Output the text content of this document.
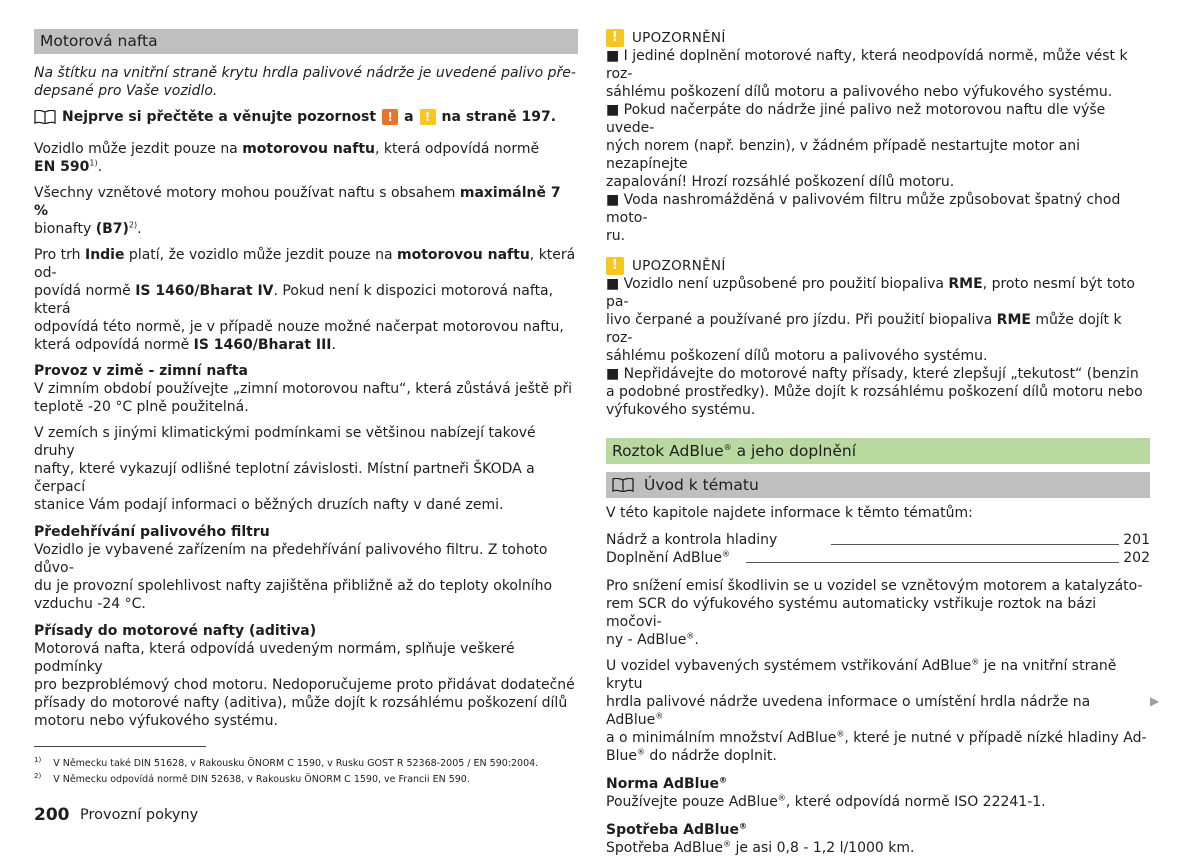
Motorová nafta

Na štítku na vnitřní straně krytu hrdla palivové nádrže je uvedené palivo pře-
depsané pro Vaše vozidlo.

Nejprve si přečtěte a věnujte pozornost ! a ! na straně 197.

Vozidlo může jezdit pouze na motorovou naftu, která odpovídá normě
EN 590$^{1)}$.

Všechny vznětové motory mohou používat naftu s obsahem maximálně 7 %
bionafty $(B7)^{2)}$.

Pro trh Indie platí, že vozidlo může jezdit pouze na motorovou naftu, která od-
povídá normě IS 1460/Bharat IV. Pokud není k dispozici motorová nafta, která
odpovídá této normě, je v případě nouze možné načerpat motorovou naftu,
která odpovídá normě IS 1460/Bharat III.

Provoz v zimě - zimní nafta

V zimním období používejte „zimní motorovou naftu“, která zůstává ještě při
teplotě -20 °C plně použitelná.

V zemích s jinými klimatickými podmínkami se většinou nabízejí takové druhy
nafty, které vykazují odlišné teplotní závislosti. Místní partneři ŠKODA a čerpací
stanice Vám podají informaci o běžných druzích nafty v dané zemi.

Předehřívání palivového filtru

Vozidlo je vybavené zařízením na předehřívání palivového filtru. Z tohoto důvo-
du je provozní spolehlivost nafty zajištěna přibližně až do teploty okolního
vzduchu -24 °C.

Přísady do motorové nafty (aditiva)

Motorová nafta, která odpovídá uvedeným normám, splňuje veškeré podmínky
pro bezproblémový chod motoru. Nedoporučujeme proto přidávat dodatečné
přísady do motorové nafty (aditiva), může dojít k rozsáhlému poškození dílů
motoru nebo výfukového systému.

!	UPOZORNĚNÍ

■ I jediné doplnění motorové nafty, která neodpovídá normě, může vést k roz-
sáhlému poškození dílů motoru a palivového nebo výfukového systému.
■ Pokud načerpáte do nádrže jiné palivo než motorovou naftu dle výše uvede-
ných norem (např. benzin), v žádném případě nestartujte motor ani nezapínejte
zapalování! Hrozí rozsáhlé poškození dílů motoru.
■ Voda nashromážděná v palivovém filtru může způsobovat špatný chod moto-
ru.

!	UPOZORNĚNÍ

■ Vozidlo není uzpůsobené pro použití biopaliva RME, proto nesmí být toto pa-
livo čerpané a používané pro jízdu. Při použití biopaliva RME může dojít k roz-
sáhlému poškození dílů motoru a palivového systému.
■ Nepřidávejte do motorové nafty přísady, které zlepšují „tekutost“ (benzin
a podobné prostředky). Může dojít k rozsáhlému poškození dílů motoru nebo
výfukového systému.

Roztok AdBlue® a jeho doplnění
Úvod k tématu

V této kapitole najdete informace k těmto tématům:

Nádrž a kontrola hladiny	201
Doplnění AdBlue®	202

Pro snížení emisí škodlivin se u vozidel se vznětovým motorem a katalyzáto-
rem SCR do výfukového systému automaticky vstřikuje roztok na bázi močovi-
ny - AdBlue®.

U vozidel vybavených systémem vstřikování AdBlue® je na vnitřní straně krytu
hrdla palivové nádrže uvedena informace o umístění hrdla nádrže na AdBlue®
a o minimálním množství AdBlue®, které je nutné v případě nízké hladiny Ad-
Blue® do nádrže doplnit.

Norma AdBlue®

Používejte pouze AdBlue®, které odpovídá normě ISO 22241-1.

Spotřeba AdBlue®

Spotřeba AdBlue® je asi 0,8 - 1,2 l/1000 km.

▶
$^{1)}$ V Německu také DIN 51628, v Rakousku ÖNORM C 1590, v Rusku GOST R 52368-2005 / EN 590:2004.
$^{2)}$ V Německu odpovídá normě DIN 52638, v Rakousku ÖNORM C 1590, ve Francii EN 590.
200 Provozní pokyny
